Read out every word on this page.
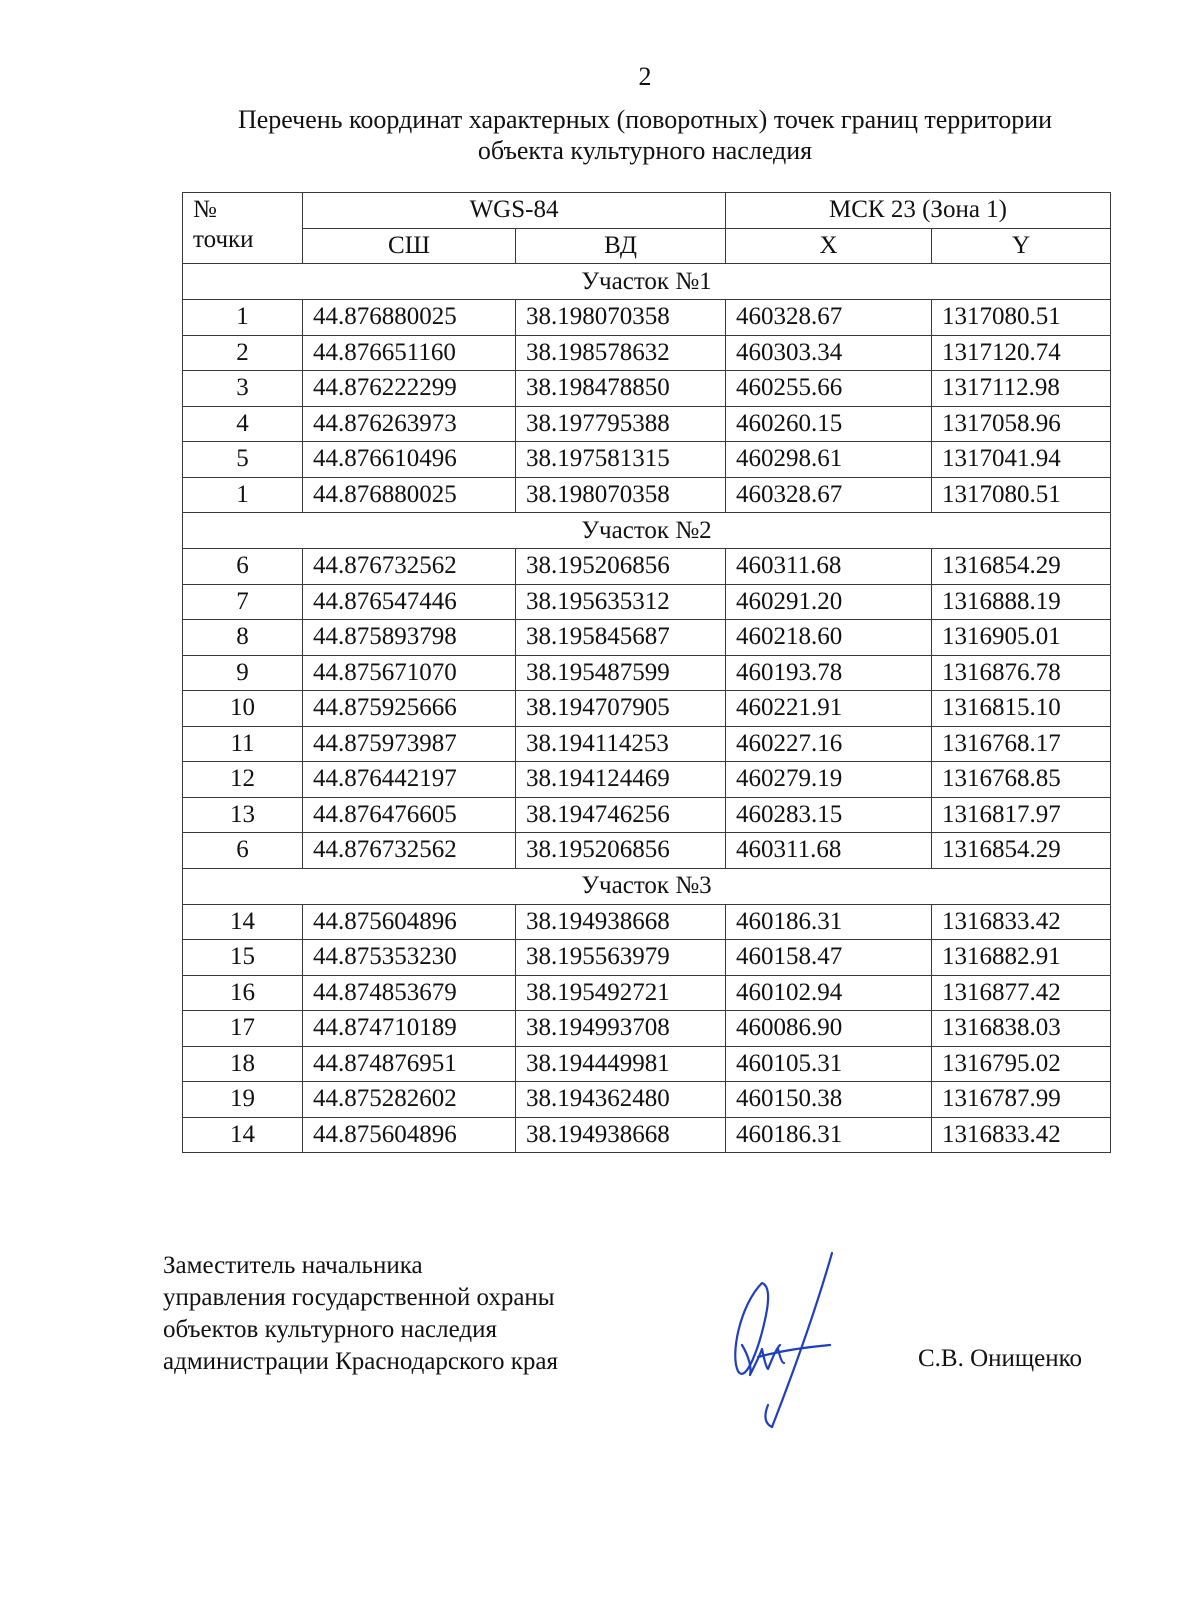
2
Перечень координат характерных (поворотных) точек границ территории
объекта культурного наследия
№
точки	WGS-84		МСК 23 (Зона 1)	
	СШ	ВД	X	Y
Участок №1				
1	44.876880025	38.198070358	460328.67	1317080.51
2	44.876651160	38.198578632	460303.34	1317120.74
3	44.876222299	38.198478850	460255.66	1317112.98
4	44.876263973	38.197795388	460260.15	1317058.96
5	44.876610496	38.197581315	460298.61	1317041.94
1	44.876880025	38.198070358	460328.67	1317080.51
Участок №2				
6	44.876732562	38.195206856	460311.68	1316854.29
7	44.876547446	38.195635312	460291.20	1316888.19
8	44.875893798	38.195845687	460218.60	1316905.01
9	44.875671070	38.195487599	460193.78	1316876.78
10	44.875925666	38.194707905	460221.91	1316815.10
11	44.875973987	38.194114253	460227.16	1316768.17
12	44.876442197	38.194124469	460279.19	1316768.85
13	44.876476605	38.194746256	460283.15	1316817.97
6	44.876732562	38.195206856	460311.68	1316854.29
Участок №3				
14	44.875604896	38.194938668	460186.31	1316833.42
15	44.875353230	38.195563979	460158.47	1316882.91
16	44.874853679	38.195492721	460102.94	1316877.42
17	44.874710189	38.194993708	460086.90	1316838.03
18	44.874876951	38.194449981	460105.31	1316795.02
19	44.875282602	38.194362480	460150.38	1316787.99
14	44.875604896	38.194938668	460186.31	1316833.42
Заместитель начальника
управления государственной охраны
объектов культурного наследия
администрации Краснодарского края	С.В. Онищенко
